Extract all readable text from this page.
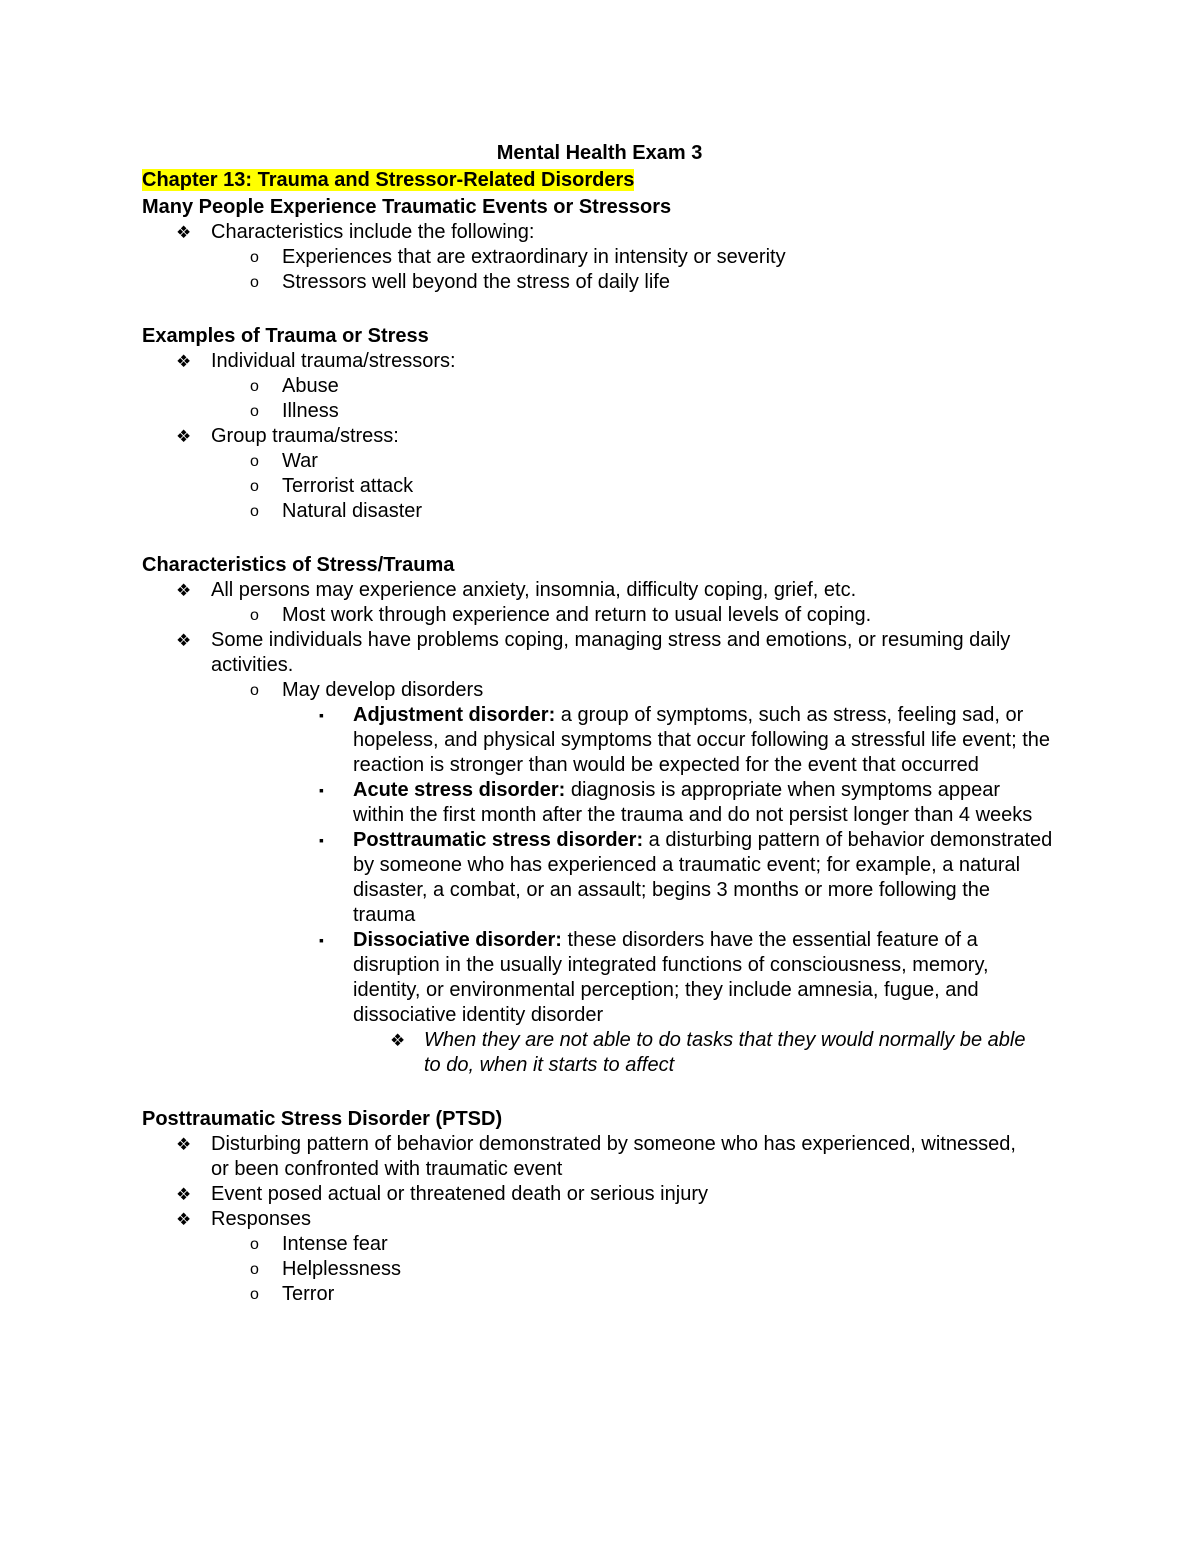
Mental Health Exam 3
Chapter 13: Trauma and Stressor-Related Disorders
Many People Experience Traumatic Events or Stressors
❖ Characteristics include the following:
o Experiences that are extraordinary in intensity or severity
o Stressors well beyond the stress of daily life
Examples of Trauma or Stress
❖ Individual trauma/stressors:
o Abuse
o Illness
❖ Group trauma/stress:
o War
o Terrorist attack
o Natural disaster
Characteristics of Stress/Trauma
❖ All persons may experience anxiety, insomnia, difficulty coping, grief, etc.
o Most work through experience and return to usual levels of coping.
❖ Some individuals have problems coping, managing stress and emotions, or resuming daily activities.
o May develop disorders
▪ Adjustment disorder: a group of symptoms, such as stress, feeling sad, or hopeless, and physical symptoms that occur following a stressful life event; the reaction is stronger than would be expected for the event that occurred
▪ Acute stress disorder: diagnosis is appropriate when symptoms appear within the first month after the trauma and do not persist longer than 4 weeks
▪ Posttraumatic stress disorder: a disturbing pattern of behavior demonstrated by someone who has experienced a traumatic event; for example, a natural disaster, a combat, or an assault; begins 3 months or more following the trauma
▪ Dissociative disorder: these disorders have the essential feature of a disruption in the usually integrated functions of consciousness, memory, identity, or environmental perception; they include amnesia, fugue, and dissociative identity disorder
❖ When they are not able to do tasks that they would normally be able to do, when it starts to affect
Posttraumatic Stress Disorder (PTSD)
❖ Disturbing pattern of behavior demonstrated by someone who has experienced, witnessed, or been confronted with traumatic event
❖ Event posed actual or threatened death or serious injury
❖ Responses
o Intense fear
o Helplessness
o Terror
